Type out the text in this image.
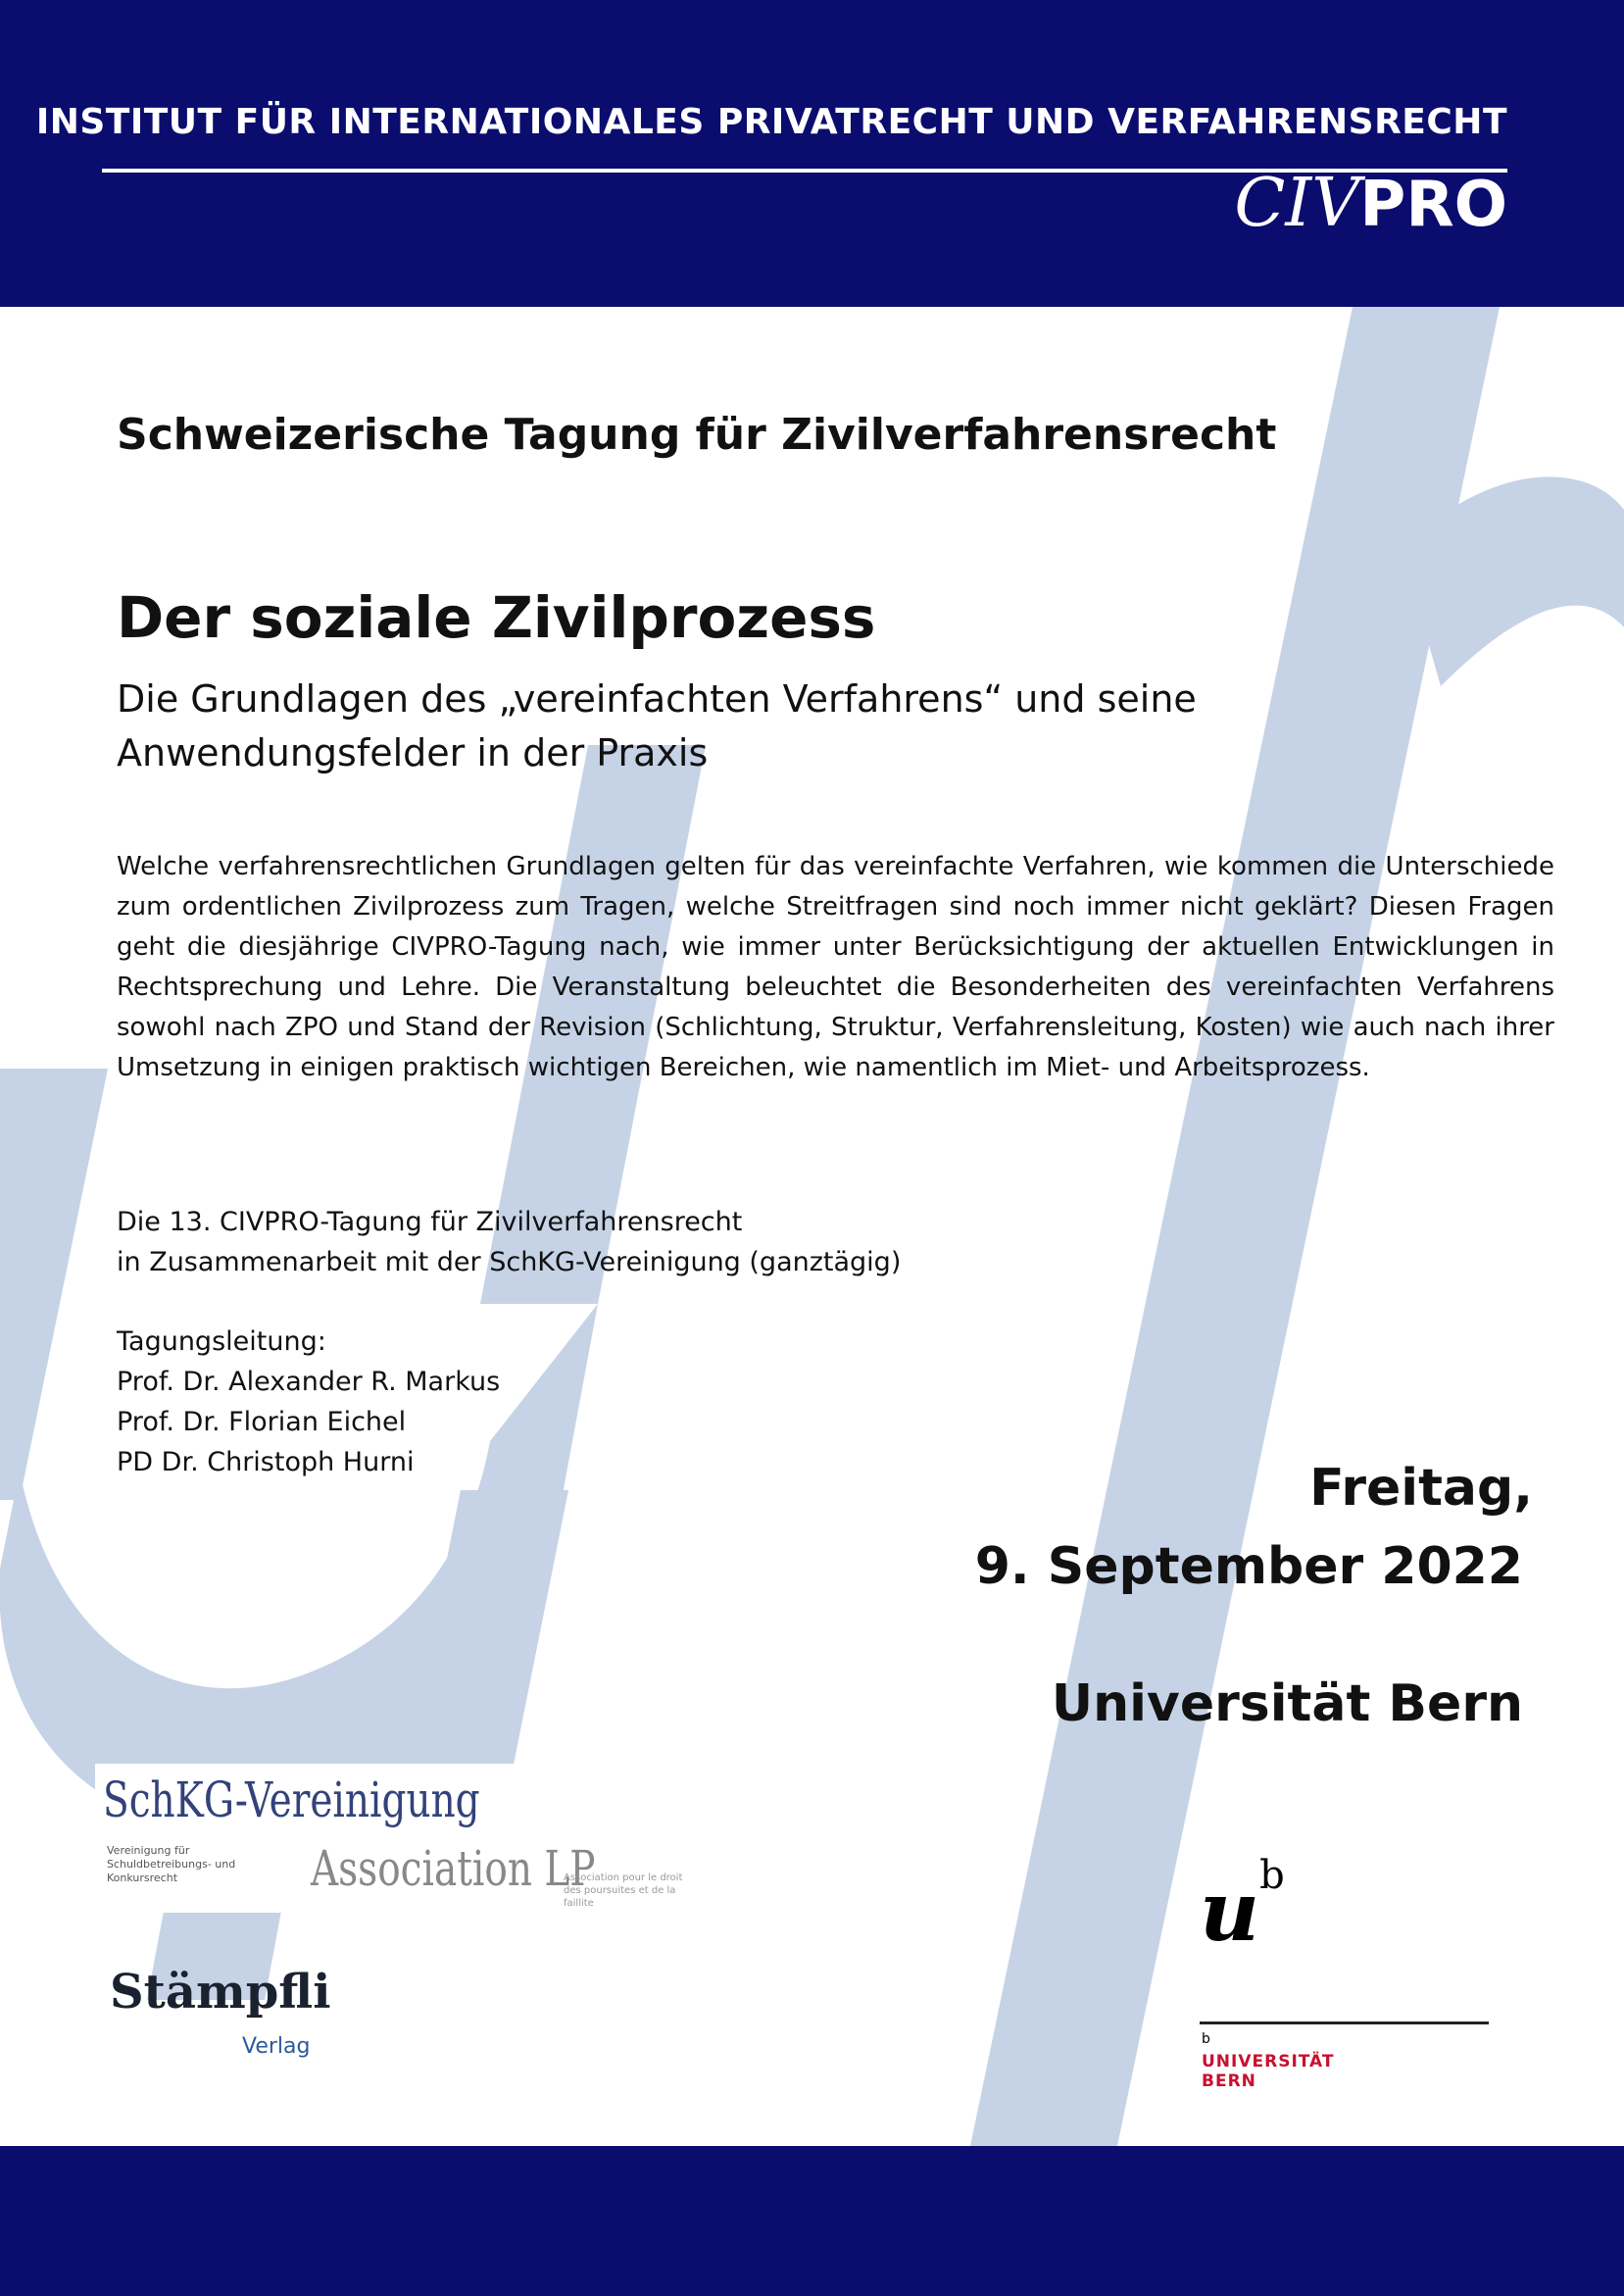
INSTITUT FÜR INTERNATIONALES PRIVATRECHT UND VERFAHRENSRECHT
CIVPRO
Schweizerische Tagung für Zivilverfahrensrecht
Der soziale Zivilprozess
Die Grundlagen des „vereinfachten Verfahrens“ und seine Anwendungsfelder in der Praxis
Welche verfahrensrechtlichen Grundlagen gelten für das vereinfachte Verfahren, wie kommen die Unterschiede zum ordentlichen Zivilprozess zum Tragen, welche Streitfragen sind noch immer nicht geklärt? Diesen Fragen geht die diesjährige CIVPRO-Tagung nach, wie immer unter Berücksichtigung der aktuellen Entwicklungen in Rechtsprechung und Lehre. Die Veranstaltung beleuchtet die Besonderheiten des vereinfachten Verfahrens sowohl nach ZPO und Stand der Revision (Schlichtung, Struktur, Verfahrensleitung, Kosten) wie auch nach ihrer Umsetzung in einigen praktisch wichtigen Bereichen, wie namentlich im Miet- und Arbeitsprozess.
Die 13. CIVPRO-Tagung für Zivilverfahrensrecht
in Zusammenarbeit mit der SchKG-Vereinigung (ganztägig)
Tagungsleitung:
Prof. Dr. Alexander R. Markus
Prof. Dr. Florian Eichel
PD Dr. Christoph Hurni	Freitag,
9. September 2022
Universität Bern
SchKG-Vereinigung
Vereinigung für Schuldbetreibungs- und Konkursrecht	Association LP
Association pour le droit des poursuites et de la faillite
Stämpfli
Verlag
$u^b$
b
UNIVERSITÄT
BERN
